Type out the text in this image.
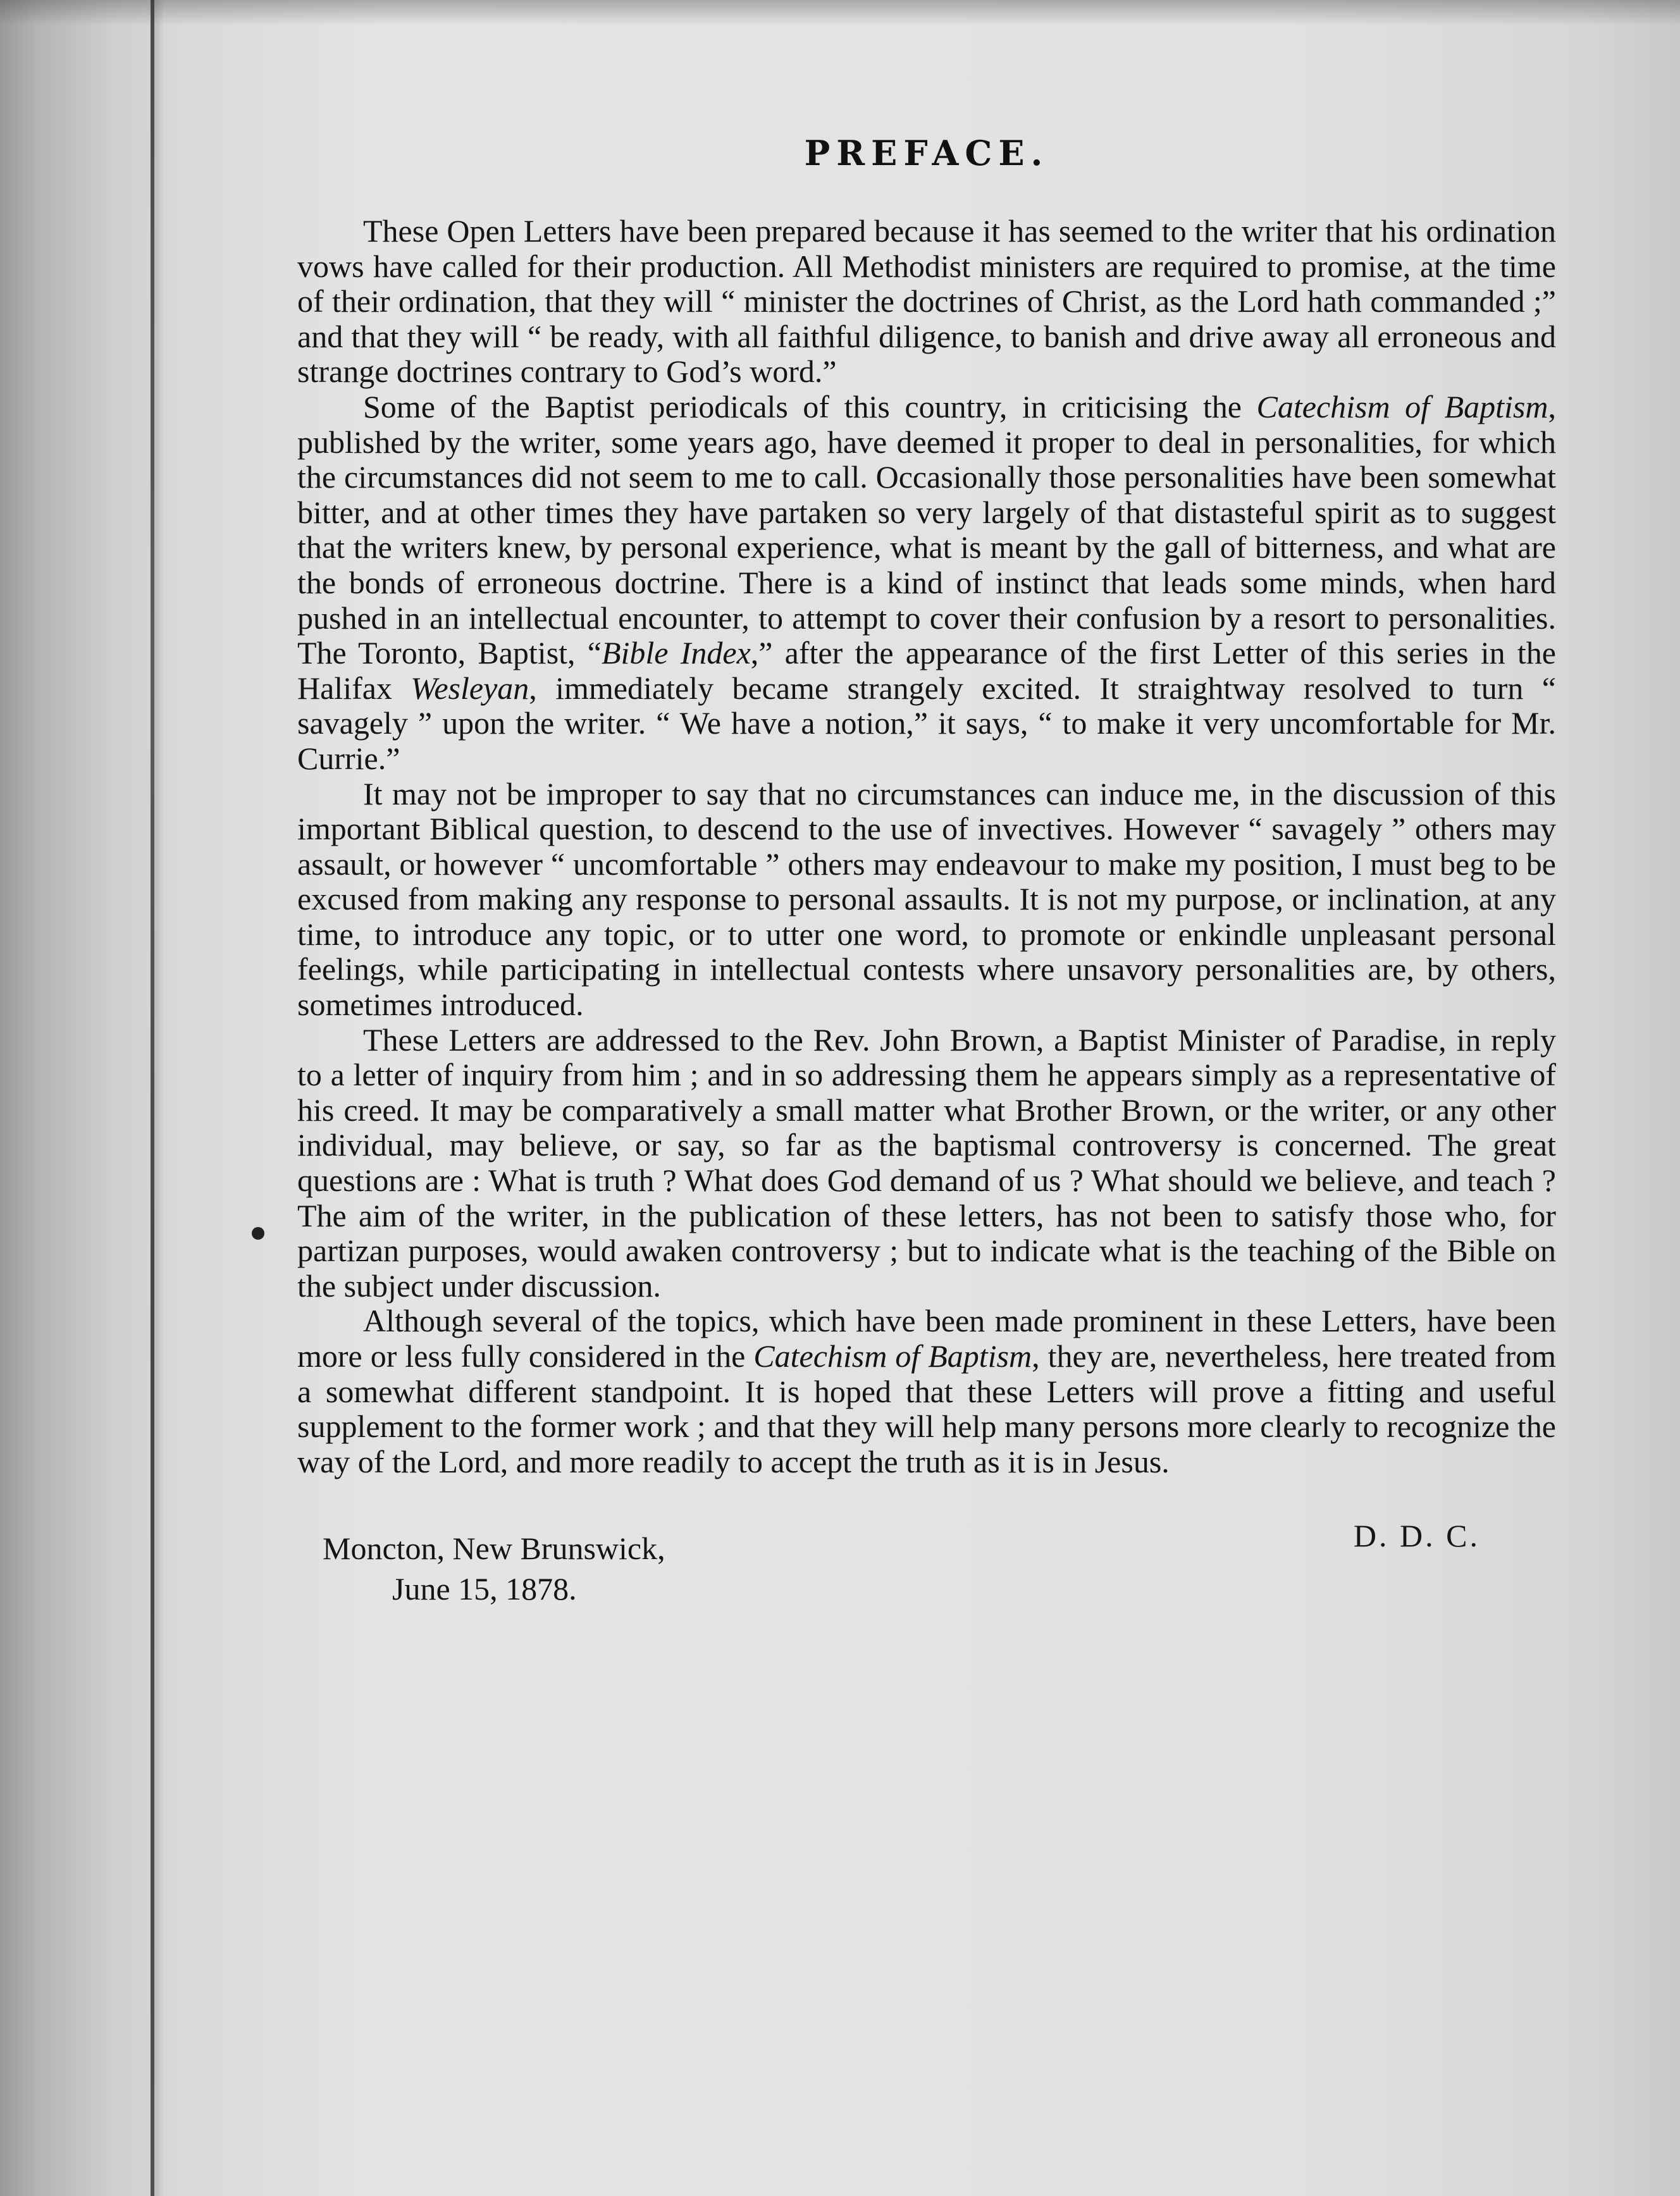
PREFACE.

These Open Letters have been prepared because it has seemed to the writer that his ordination vows have called for their production. All Methodist ministers are required to promise, at the time of their ordination, that they will “ minister the doctrines of Christ, as the Lord hath commanded ;” and that they will “ be ready, with all faithful diligence, to banish and drive away all erroneous and strange doctrines contrary to God’s word.”

Some of the Baptist periodicals of this country, in criticising the Catechism of Baptism, published by the writer, some years ago, have deemed it proper to deal in personalities, for which the circumstances did not seem to me to call. Occasionally those personalities have been somewhat bitter, and at other times they have partaken so very largely of that distasteful spirit as to suggest that the writers knew, by personal experience, what is meant by the gall of bitterness, and what are the bonds of erroneous doctrine. There is a kind of instinct that leads some minds, when hard pushed in an intellectual encounter, to attempt to cover their confusion by a resort to personalities. The Toronto, Baptist, “Bible Index,” after the appearance of the first Letter of this series in the Halifax Wesleyan, immediately became strangely excited. It straightway resolved to turn “ savagely ” upon the writer. “ We have a notion,” it says, “ to make it very uncomfortable for Mr. Currie.”

It may not be improper to say that no circumstances can induce me, in the discussion of this important Biblical question, to descend to the use of invectives. However “ savagely ” others may assault, or however “ uncomfortable ” others may endeavour to make my position, I must beg to be excused from making any response to personal assaults. It is not my purpose, or inclination, at any time, to introduce any topic, or to utter one word, to promote or enkindle unpleasant personal feelings, while participating in intellectual contests where unsavory personalities are, by others, sometimes introduced.

These Letters are addressed to the Rev. John Brown, a Baptist Minister of Paradise, in reply to a letter of inquiry from him ; and in so addressing them he appears simply as a representative of his creed. It may be comparatively a small matter what Brother Brown, or the writer, or any other individual, may believe, or say, so far as the baptismal controversy is concerned. The great questions are : What is truth ? What does God demand of us ? What should we believe, and teach ? The aim of the writer, in the publication of these letters, has not been to satisfy those who, for partizan purposes, would awaken controversy ; but to indicate what is the teaching of the Bible on the subject under discussion.

Although several of the topics, which have been made prominent in these Letters, have been more or less fully considered in the Catechism of Baptism, they are, nevertheless, here treated from a somewhat different standpoint. It is hoped that these Letters will prove a fitting and useful supplement to the former work ; and that they will help many persons more clearly to recognize the way of the Lord, and more readily to accept the truth as it is in Jesus.

Moncton, New Brunswick,
June 15, 1878.
D. D. C.
